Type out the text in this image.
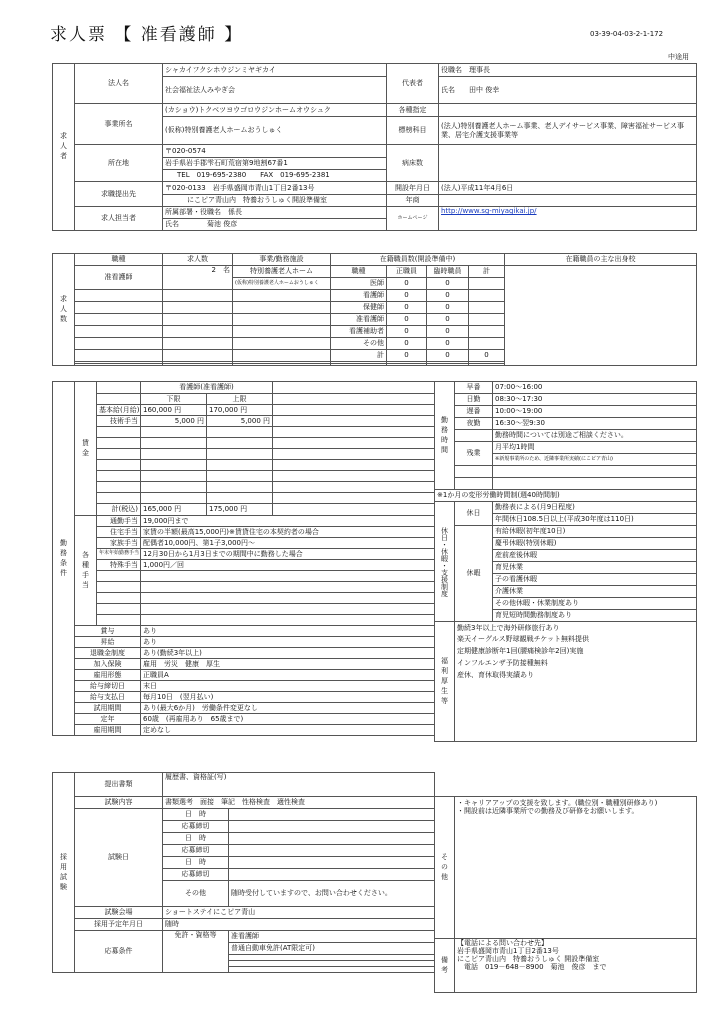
求人票 【 准看護師 】	03-39-04-03-2-1-172
中途用
求人者	法人名	シャカイフクシホウジンミヤギカイ	代表者	役職名　理事長
		社会福祉法人みやぎ会		氏名　　田中 俊幸
	事業所名	(カショウ)トクベツヨウゴロウジンホームオウシュク	各種指定	
		(仮称)特別養護老人ホームおうしゅく	標榜科目	(法人)特別養護老人ホーム事業、老人デイサービス事業、障害福祉サービス事業、居宅介護支援事業等
	所在地	〒020-0574	病床数	
		岩手県岩手郡雫石町荒宿第9地割67番1		
		TEL　019-695-2380　　FAX　019-695-2381		
	求職提出先	〒020-0133　岩手県盛岡市青山1丁目2番13号	開設年月日	(法人)平成11年4月6日
		にこピア青山内　特養おうしゅく開設準備室	年商	
	求人担当者	所属部署・役職名　係長	ホームページ	http://www.sg-miyagikai.jp/
		氏名　　　　菊池 俊彦		
求人数	職種	求人数	事業/勤務施設	在籍職員数(開設準備中)				在籍職員の主な出身校
	准看護師	2　名	特別養護老人ホーム	職種	正職員	臨時職員	計	
			(仮称)特別養護老人ホームおうしゅく	医師	0	0		
				看護師	0	0		
				保健師	0	0		
				准看護師	0	0		
				看護補助者	0	0		
				その他	0	0		
				計	0	0	0	

勤務条件	賃金		看護師(准看護師)		
			下限	上限	
		基本給(月給)	160,000 円	170,000 円	
		技術手当	5,000 円	5,000 円	

		計(税込)	165,000 円	175,000 円	
	各種手当	通勤手当	19,000円まで		
		住宅手当	家賃の半額(最高15,000円)※賃貸住宅の本契約者の場合		
		家族手当	配偶者10,000円、第1子3,000円～		
		年末年始勤務手当	12月30日から1月3日までの期間中に勤務した場合		
		特殊手当	1,000円／回		

	賞与		あり		
	昇給		あり		
	退職金制度		あり(勤続3年以上)		
	加入保険		雇用　労災　健康　厚生		
	雇用形態		正職員A		
	給与締切日		末日		
	給与支払日		毎月10日　(翌月払い)		
	試用期間		あり(最大6か月)　労働条件変更なし		
	定年		60歳　(再雇用あり　65歳まで)		
	雇用期間		定めなし		
勤務時間	早番	07:00～16:00
	日勤	08:30～17:30
	遅番	10:00～19:00
	夜勤	16:30～翌9:30
		勤務時間については別途ご相談ください。
	残業	月平均1時間
		※新規事業所のため、近隣事業所実績(にこピア青山)

※1か月の変形労働時間制(週40時間制)		
休日・休暇・支援制度	休日	勤務表による(月9日程度)
		年間休日108.5日以上(平成30年度は110日)
	休暇	有給休暇(初年度10日)
		慶弔休暇(特別休暇)
		産前産後休暇
		育児休業
		子の看護休暇
		介護休業
		その他休暇・休業制度あり
		育児短時間勤務制度あり
福利厚生等	勤続3年以上で海外研修旅行あり	
	楽天イーグルス野球観戦チケット無料提供	
	定期健康診断年1回(腰痛検診年2回)実施	
	インフルエンザ予防接種無料	
	産休、育休取得実績あり	

採用試験	提出書類	履歴書、資格証(写)	
	試験内容	書類選考　面接　筆記　性格検査　適性検査	
	試験日	日　時	
		応募締切	
		日　時	
		応募締切	
		日　時	
		応募締切	
		その他	随時受付していますので、お問い合わせください。
	試験会場	ショートステイにこピア青山	
	採用予定年月日	随時	
	応募条件	免許・資格等	准看護師
			普通自動車免許(AT限定可)

その他	・キャリアアップの支援を致します。(職位別・職種別研修あり)
・開設前は近隣事業所での勤務及び研修をお願いします。

備考	【電話による問い合わせ先】
岩手県盛岡市青山1丁目2番13号
にこピア青山内　特養おうしゅく 開設準備室
　電話　019－648－8900　菊池　俊彦　まで
